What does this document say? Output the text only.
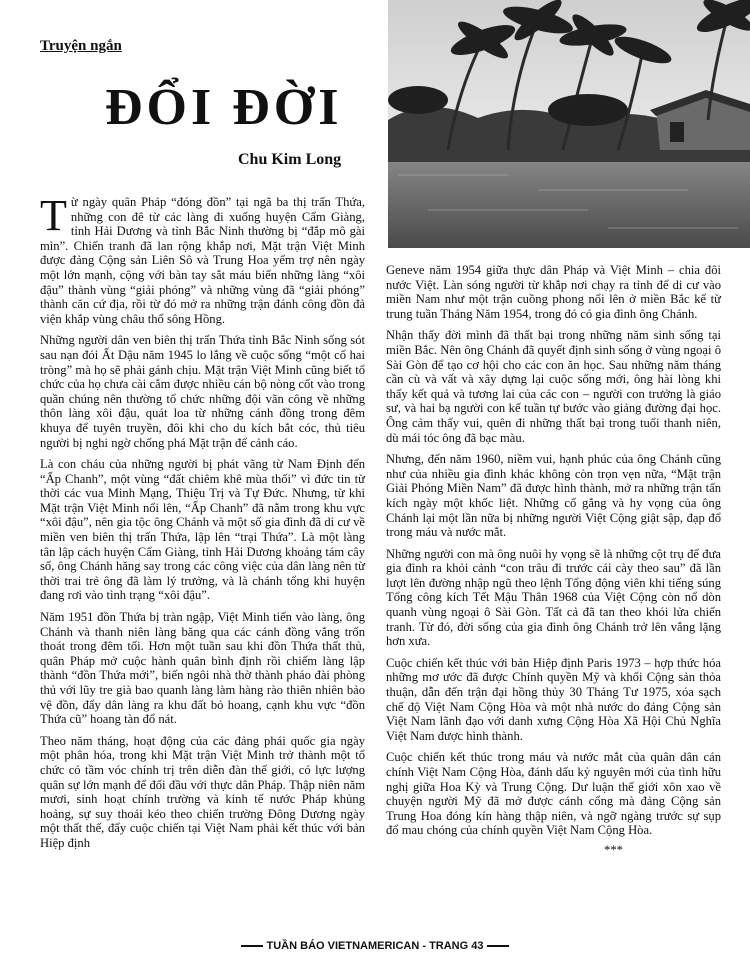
Truyện ngắn
ĐỔI ĐỜI
Chu Kim Long

Từ ngày quân Pháp “đóng đồn” tại ngã ba thị trấn Thứa, những con đê từ các làng đi xuống huyện Cẩm Giàng, tỉnh Hải Dương và tỉnh Bắc Ninh thường bị “đắp mô gài mìn”. Chiến tranh đã lan rộng khắp nơi, Mặt trận Việt Minh được đảng Cộng sản Liên Sô và Trung Hoa yểm trợ nên ngày một lớn mạnh, cộng với bàn tay sắt máu biến những làng “xôi đậu” thành vùng “giải phóng” và những vùng đã “giải phóng” thành căn cứ địa, rồi từ đó mở ra những trận đánh công đồn đả viện khắp vùng châu thổ sông Hồng.

Những người dân ven biên thị trấn Thứa tỉnh Bắc Ninh sống sót sau nạn đói Ất Dậu năm 1945 lo lắng về cuộc sống “một cổ hai tròng” mà họ sẽ phải gánh chịu. Mặt trận Việt Minh cũng biết tổ chức của họ chưa cài cắm được nhiều cán bộ nòng cốt vào trong quần chúng nên thường tổ chức những đội vãn công về những thôn làng xôi đậu, quát loa từ những cánh đồng trong đêm khuya để tuyên truyền, đôi khi cho du kích bắt cóc, thủ tiêu người bị nghi ngờ chống phá Mặt trận để cảnh cáo.

Là con cháu của những người bị phát vãng từ Nam Định đến “Ấp Chanh”, một vùng “đất chiêm khê mùa thối” vì đức tin từ thời các vua Minh Mạng, Thiệu Trị và Tự Đức. Nhưng, từ khi Mặt trận Việt Minh nổi lên, “Ấp Chanh” đã nằm trong khu vực “xôi đậu”, nên gia tộc ông Chánh và một số gia đình đã di cư về miền ven biên thị trấn Thứa, lập lên “trại Thứa”. Là một làng tân lập cách huyện Cẩm Giàng, tỉnh Hải Dương khoảng tám cây số, ông Chánh hăng say trong các công việc của dân làng nên từ thời trai trẻ ông đã làm lý trưởng, và là chánh tổng khi huyện đang rơi vào tình trạng “xôi đậu”.

Năm 1951 đồn Thứa bị tràn ngập, Việt Minh tiến vào làng, ông Chánh và thanh niên làng băng qua các cánh đồng vắng trốn thoát trong đêm tối. Hơn một tuần sau khi đồn Thứa thất thủ, quân Pháp mở cuộc hành quân bình định rồi chiếm làng lập thành “đồn Thứa mới”, biến ngôi nhà thờ thành pháo đài phòng thủ với lũy tre già bao quanh làng làm hàng rào thiên nhiên bảo vệ đồn, đẩy dân làng ra khu đất bỏ hoang, cạnh khu vực “đồn Thứa cũ” hoang tàn đổ nát.

Theo năm tháng, hoạt động của các đảng phái quốc gia ngày một phân hóa, trong khi Mặt trận Việt Minh trở thành một tổ chức có tầm vóc chính trị trên diễn đàn thế giới, có lực lượng quân sự lớn mạnh để đối đầu với thực dân Pháp. Thập niên năm mươi, sinh hoạt chính trường và kinh tế nước Pháp khủng hoảng, sự suy thoái kéo theo chiến trường Đông Dương ngày một thất thế, đẩy cuộc chiến tại Việt Nam phải kết thúc với bản Hiệp định

Geneve năm 1954 giữa thực dân Pháp và Việt Minh – chia đôi nước Việt. Làn sóng người từ khắp nơi chạy ra tỉnh để di cư vào miền Nam như một trận cuồng phong nổi lên ở miền Bắc kể từ trung tuần Tháng Năm 1954, trong đó có gia đình ông Chánh.

Nhận thấy đời mình đã thất bại trong những năm sinh sống tại miền Bắc. Nên ông Chánh đã quyết định sinh sống ở vùng ngoại ô Sài Gòn để tạo cơ hội cho các con ăn học. Sau những năm tháng cần cù và vất và xây dựng lại cuộc sống mới, ông hài lòng khi thấy kết quả và tương lai của các con – người con trưởng là giáo sư, và hai bạ người con kế tuần tự bước vào giảng đường đại học. Ông cảm thấy vui, quên đi những thất bại trong tuổi thanh niên, dù mái tóc ông đã bạc màu.

Nhưng, đến năm 1960, niềm vui, hạnh phúc của ông Chánh cũng như của nhiều gia đình khác không còn trọn vẹn nữa, “Mặt trận Giải Phóng Miền Nam” đã được hình thành, mở ra những trận tấn kích ngày một khốc liệt. Những cố gắng và hy vọng của ông Chánh lại một lần nữa bị những người Việt Cộng giật sập, đạp đổ trong máu và nước mắt.

Những người con mà ông nuôi hy vọng sẽ là những cột trụ để đưa gia đình ra khỏi cảnh “con trâu đi trước cái cày theo sau” đã lần lượt lên đường nhập ngũ theo lệnh Tổng động viên khi tiếng súng Tổng công kích Tết Mậu Thân 1968 của Việt Cộng còn nổ dòn quanh vùng ngoại ô Sài Gòn. Tất cả đã tan theo khói lửa chiến tranh. Từ đó, đời sống của gia đình ông Chánh trở lên vắng lặng hơn xưa.

Cuộc chiến kết thúc với bản Hiệp định Paris 1973 – hợp thức hóa những mơ ước đã được Chính quyền Mỹ và khối Cộng sản thỏa thuận, dẫn đến trận đại hồng thủy 30 Tháng Tư 1975, xóa sạch chế độ Việt Nam Cộng Hòa và một nhà nước do đảng Cộng sản Việt Nam lãnh đạo với danh xưng Cộng Hòa Xã Hội Chủ Nghĩa Việt Nam được hình thành.

Cuộc chiến kết thúc trong máu và nước mắt của quân dân cán chính Việt Nam Cộng Hòa, đánh dấu kỷ nguyên mới của tình hữu nghị giữa Hoa Kỳ và Trung Cộng. Dư luận thế giới xôn xao về chuyện người Mỹ đã mở được cánh cổng mà đảng Cộng sản Trung Hoa đóng kín hàng thập niên, và ngỡ ngàng trước sự sụp đổ mau chóng của chính quyền Việt Nam Cộng Hòa.

***
TUẦN BÁO VIETNAMERICAN - TRANG 43
